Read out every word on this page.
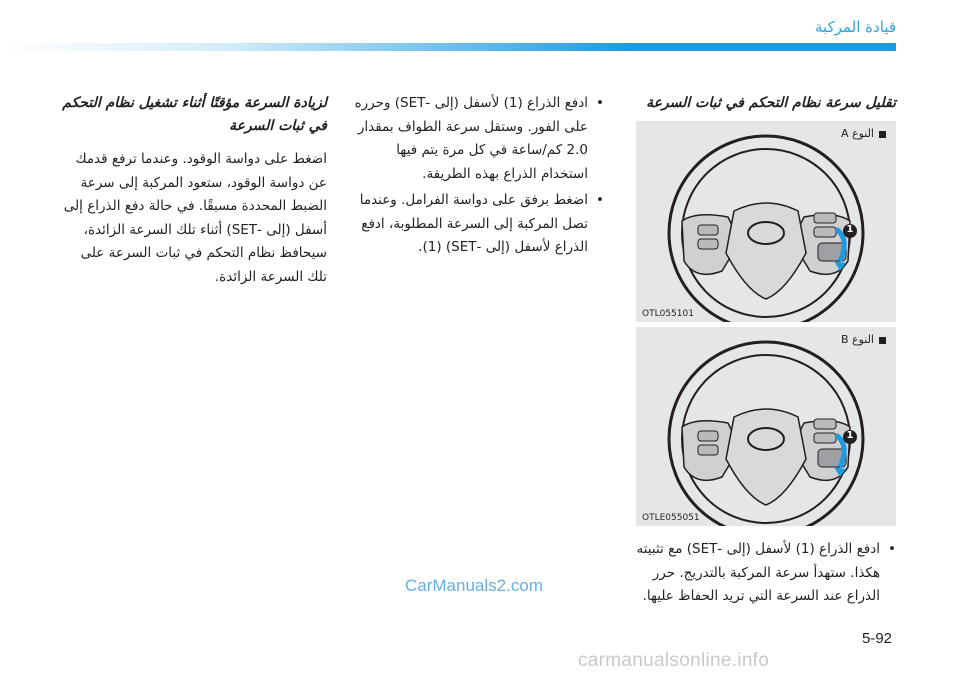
قيادة المركبة

تقليل سرعة نظام التحكم في ثبات السرعة

النوع A
1
OTL055101
النوع B
1
OTLE055051

• ادفع الذراع (1) لأسفل (إلى -SET) مع تثبيته هكذا. ستهدأ سرعة المركبة بالتدريج. حرر الذراع عند السرعة التي تريد الحفاظ عليها.

• ادفع الذراع (1) لأسفل (إلى -SET) وحرره على الفور. وستقل سرعة الطواف بمقدار 2.0 كم/ساعة في كل مرة يتم فيها استخدام الذراع بهذه الطريقة.

• اضغط برفق على دواسة الفرامل. وعندما تصل المركبة إلى السرعة المطلوبة، ادفع الذراع لأسفل (إلى -SET) (1).

لزيادة السرعة مؤقتًا أثناء تشغيل نظام التحكم في ثبات السرعة

اضغط على دواسة الوقود. وعندما ترفع قدمك عن دواسة الوقود، ستعود المركبة إلى سرعة الضبط المحددة مسبقًا. في حالة دفع الذراع إلى أسفل (إلى -SET) أثناء تلك السرعة الزائدة، سيحافظ نظام التحكم في ثبات السرعة على تلك السرعة الزائدة.

CarManuals2.com
5-92
carmanualsonline.info
